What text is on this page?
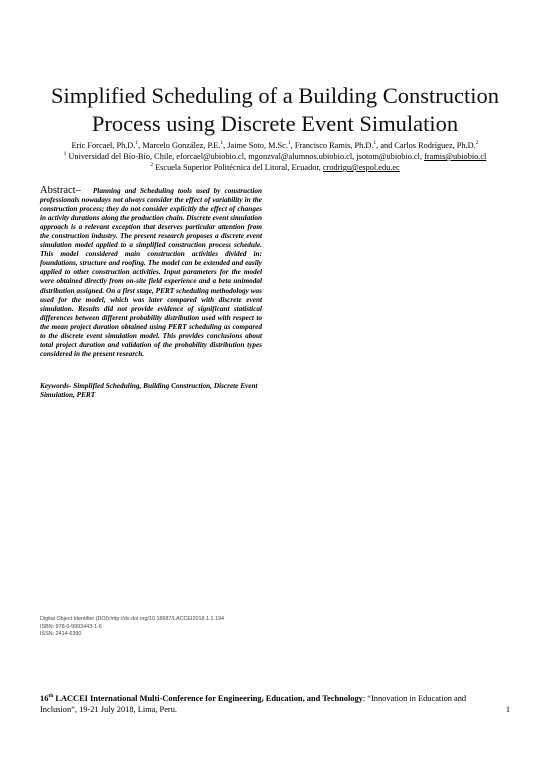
Simplified Scheduling of a Building Construction Process using Discrete Event Simulation
Eric Forcael, Ph.D.$^1$, Marcelo González, P.E.$^1$, Jaime Soto, M.Sc.$^1$, Francisco Ramis, Ph.D.$^1$, and Carlos Rodríguez, Ph.D.$^2$
$^1$ Universidad del Bío-Bío, Chile, eforcael@ubiobio.cl, mgonzval@alumnos.ubiobio.cl, jsotom@ubiobio.cl, framis@ubiobio.cl
$^2$ Escuela Superior Politécnica del Litoral, Ecuador, crodrigu@espol.edu.ec
Abstract– Planning and Scheduling tools used by construction professionals nowadays not always consider the effect of variability in the construction process; they do not consider explicitly the effect of changes in activity durations along the production chain. Discrete event simulation approach is a relevant exception that deserves particular attention from the construction industry. The present research proposes a discrete event simulation model applied to a simplified construction process schedule. This model considered main construction activities divided in: foundations, structure and roofing. The model can be extended and easily applied to other construction activities. Input parameters for the model were obtained directly from on-site field experience and a beta unimodal distribution assigned. On a first stage, PERT scheduling methodology was used for the model, which was later compared with discrete event simulation. Results did not provide evidence of significant statistical differences between different probability distribution used with respect to the mean project duration obtained using PERT scheduling as compared to the discrete event simulation model. This provides conclusions about total project duration and validation of the probability distribution types considered in the present research.
Keywords- Simplified Scheduling, Building Construction, Discrete Event Simulation, PERT
Digital Object Identifier (DOI):http://dx.doi.org/10.18687/LACCEI2018.1.1.194
ISBN: 978-0-9993443-1-6
ISSN: 2414-6390
16th LACCEI International Multi-Conference for Engineering, Education, and Technology: “Innovation in Education and
Inclusion”, 19-21 July 2018, Lima, Peru.	1
